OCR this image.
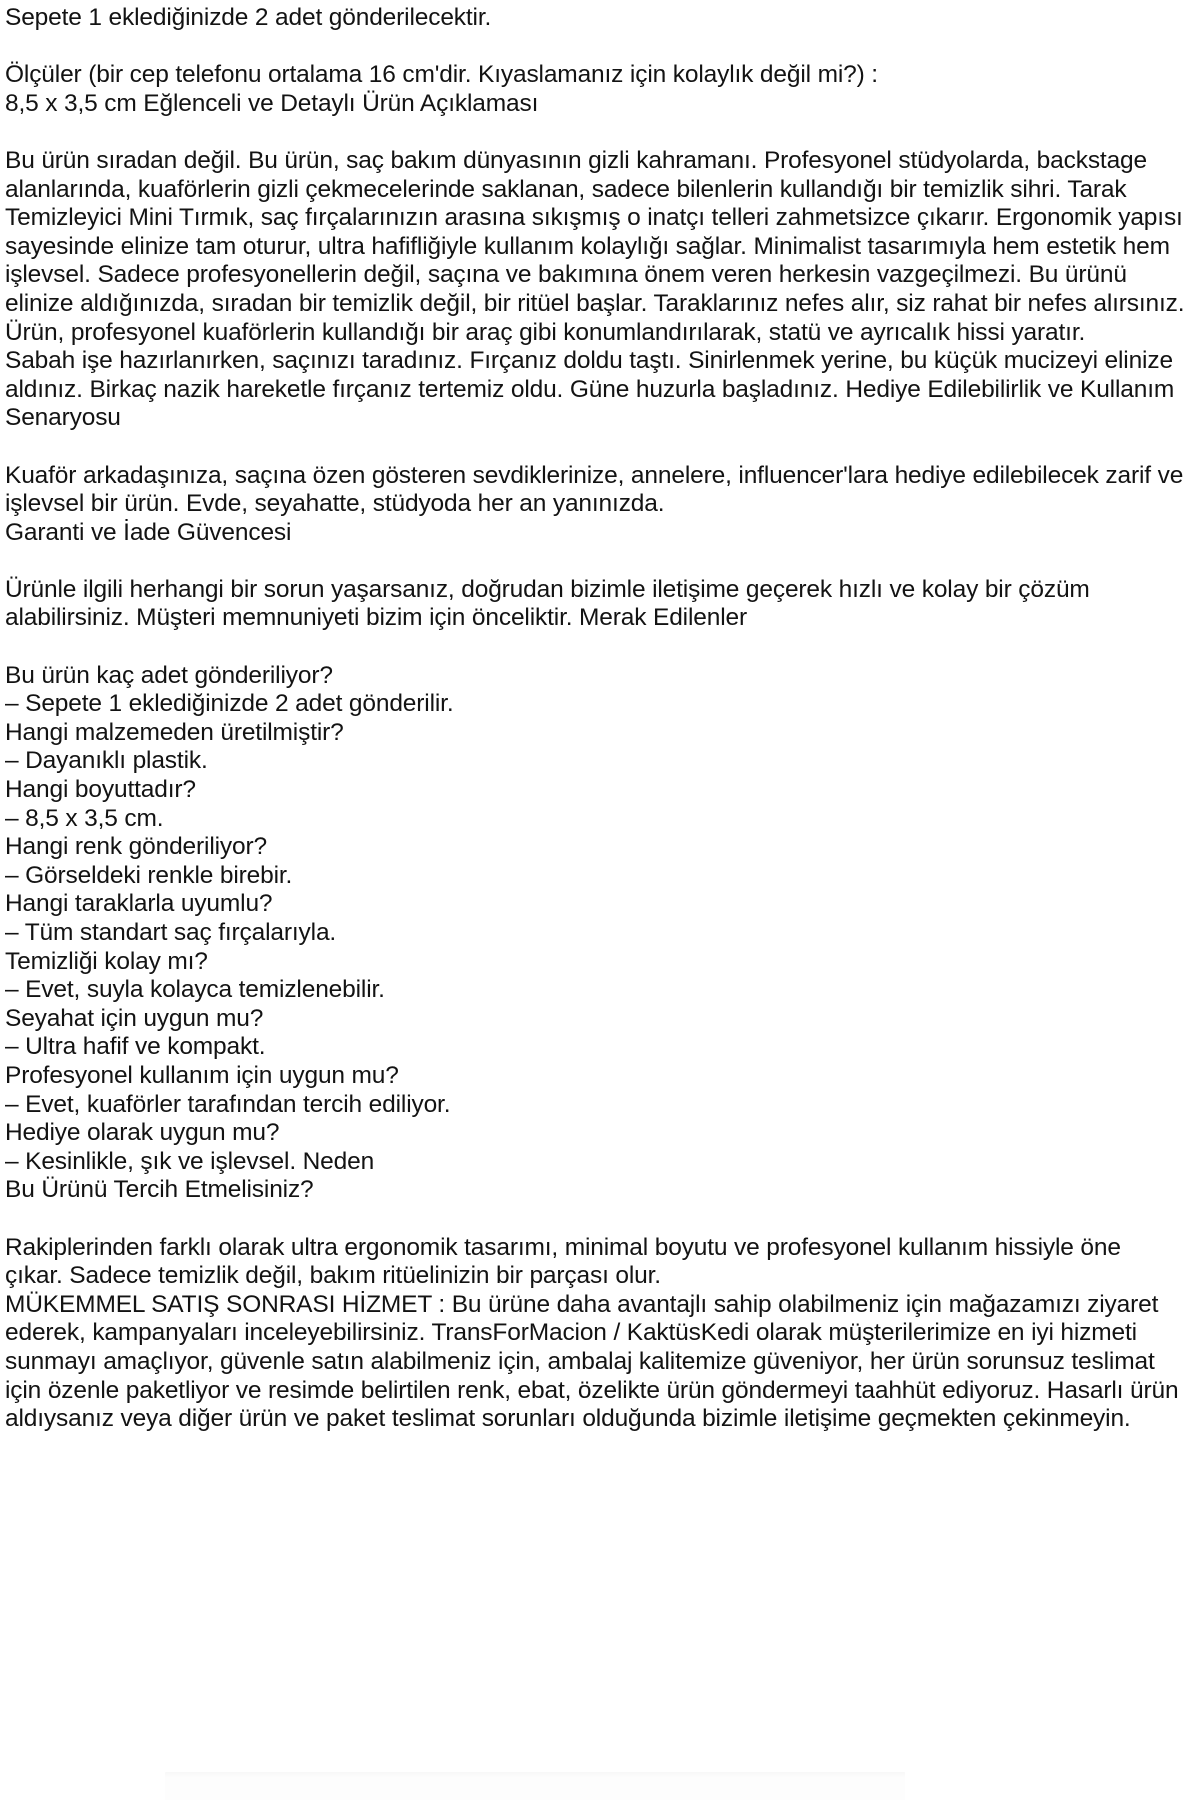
Sepete 1 eklediğinizde 2 adet gönderilecektir.
Ölçüler (bir cep telefonu ortalama 16 cm'dir. Kıyaslamanız için kolaylık değil mi?) :
8,5 x 3,5 cm Eğlenceli ve Detaylı Ürün Açıklaması
Bu ürün sıradan değil. Bu ürün, saç bakım dünyasının gizli kahramanı. Profesyonel stüdyolarda, backstage alanlarında, kuaförlerin gizli çekmecelerinde saklanan, sadece bilenlerin kullandığı bir temizlik sihri. Tarak Temizleyici Mini Tırmık, saç fırçalarınızın arasına sıkışmış o inatçı telleri zahmetsizce çıkarır. Ergonomik yapısı sayesinde elinize tam oturur, ultra hafifliğiyle kullanım kolaylığı sağlar. Minimalist tasarımıyla hem estetik hem işlevsel. Sadece profesyonellerin değil, saçına ve bakımına önem veren herkesin vazgeçilmezi. Bu ürünü elinize aldığınızda, sıradan bir temizlik değil, bir ritüel başlar. Taraklarınız nefes alır, siz rahat bir nefes alırsınız. Ürün, profesyonel kuaförlerin kullandığı bir araç gibi konumlandırılarak, statü ve ayrıcalık hissi yaratır.
Sabah işe hazırlanırken, saçınızı taradınız. Fırçanız doldu taştı. Sinirlenmek yerine, bu küçük mucizeyi elinize aldınız. Birkaç nazik hareketle fırçanız tertemiz oldu. Güne huzurla başladınız. Hediye Edilebilirlik ve Kullanım Senaryosu
Kuaför arkadaşınıza, saçına özen gösteren sevdiklerinize, annelere, influencer'lara hediye edilebilecek zarif ve işlevsel bir ürün. Evde, seyahatte, stüdyoda her an yanınızda.
Garanti ve İade Güvencesi
Ürünle ilgili herhangi bir sorun yaşarsanız, doğrudan bizimle iletişime geçerek hızlı ve kolay bir çözüm alabilirsiniz. Müşteri memnuniyeti bizim için önceliktir. Merak Edilenler
Bu ürün kaç adet gönderiliyor?
– Sepete 1 eklediğinizde 2 adet gönderilir.
Hangi malzemeden üretilmiştir?
– Dayanıklı plastik.
Hangi boyuttadır?
– 8,5 x 3,5 cm.
Hangi renk gönderiliyor?
– Görseldeki renkle birebir.
Hangi taraklarla uyumlu?
– Tüm standart saç fırçalarıyla.
Temizliği kolay mı?
– Evet, suyla kolayca temizlenebilir.
Seyahat için uygun mu?
– Ultra hafif ve kompakt.
Profesyonel kullanım için uygun mu?
– Evet, kuaförler tarafından tercih ediliyor.
Hediye olarak uygun mu?
– Kesinlikle, şık ve işlevsel. Neden
Bu Ürünü Tercih Etmelisiniz?
Rakiplerinden farklı olarak ultra ergonomik tasarımı, minimal boyutu ve profesyonel kullanım hissiyle öne çıkar. Sadece temizlik değil, bakım ritüelinizin bir parçası olur.
MÜKEMMEL SATIŞ SONRASI HİZMET : Bu ürüne daha avantajlı sahip olabilmeniz için mağazamızı ziyaret ederek, kampanyaları inceleyebilirsiniz. TransForMacion / KaktüsKedi olarak müşterilerimize en iyi hizmeti sunmayı amaçlıyor, güvenle satın alabilmeniz için, ambalaj kalitemize güveniyor, her ürün sorunsuz teslimat için özenle paketliyor ve resimde belirtilen renk, ebat, özelikte ürün göndermeyi taahhüt ediyoruz. Hasarlı ürün aldıysanız veya diğer ürün ve paket teslimat sorunları olduğunda bizimle iletişime geçmekten çekinmeyin.
